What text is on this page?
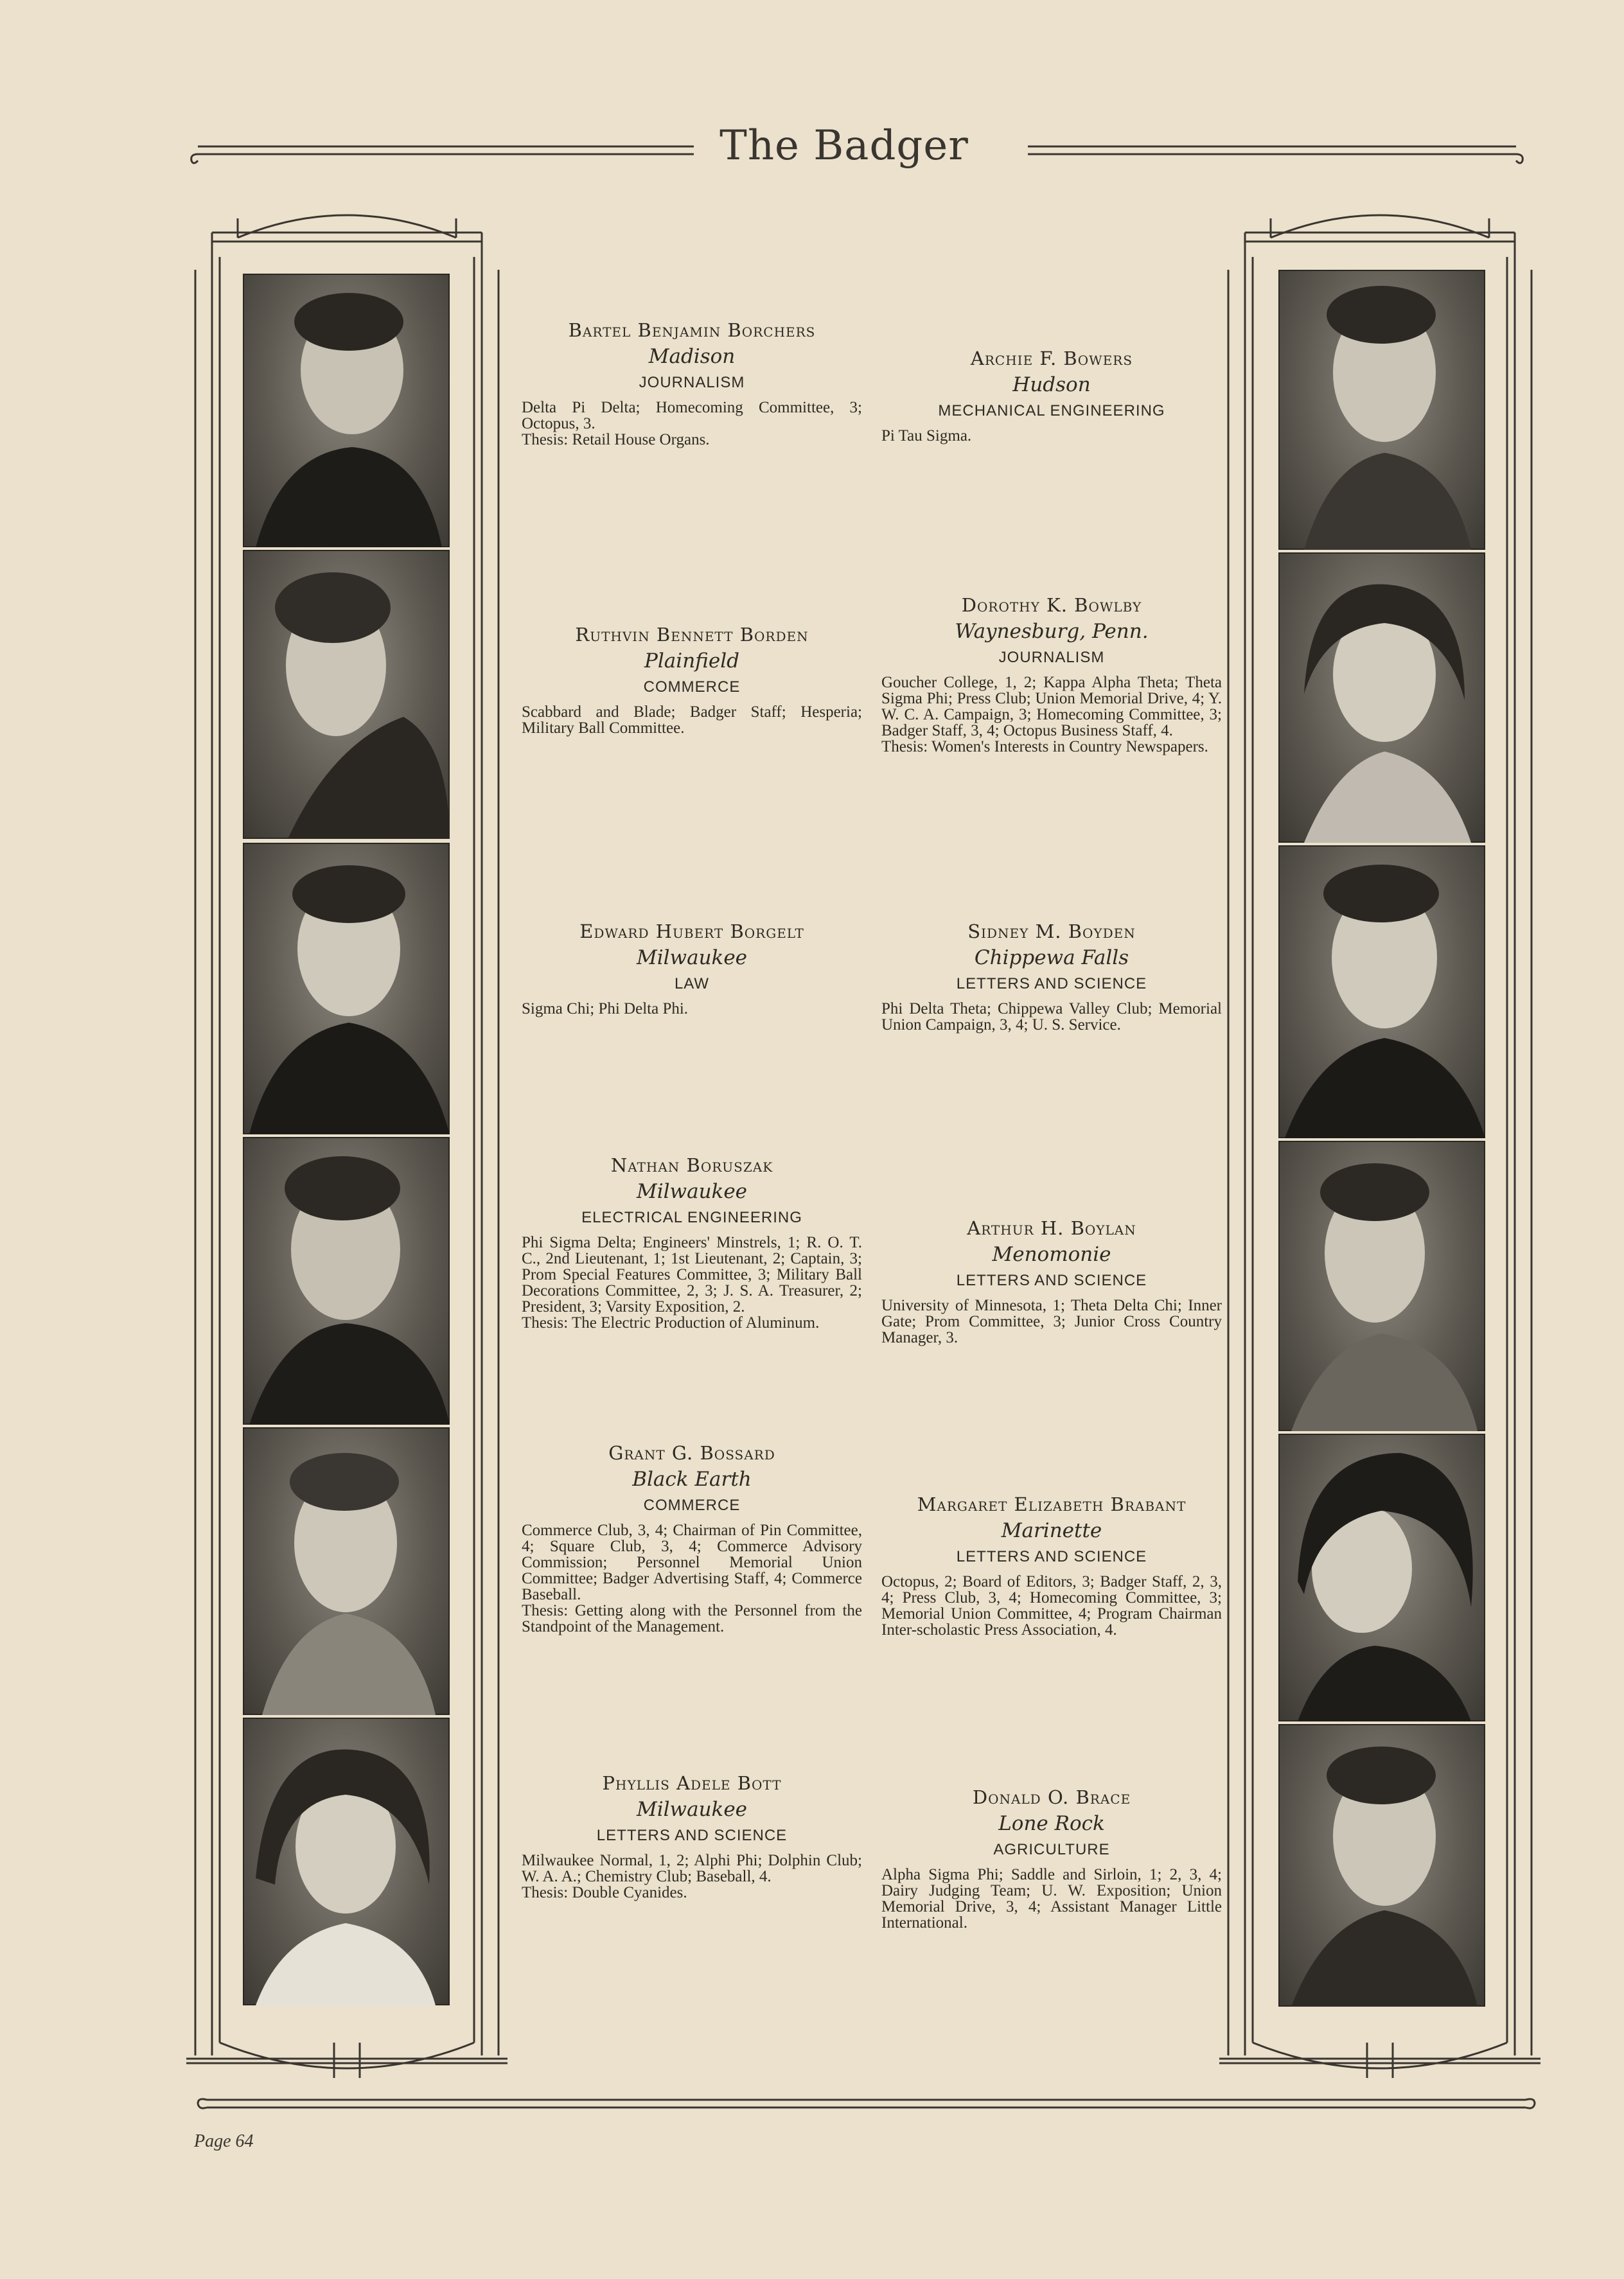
The Badger
Bartel Benjamin Borchers
Madison
JOURNALISM
Delta Pi Delta; Homecoming Committee, 3; Octopus, 3.
Thesis: Retail House Organs.
Ruthvin Bennett Borden
Plainfield
COMMERCE
Scabbard and Blade; Badger Staff; Hesperia; Military Ball Committee.
Edward Hubert Borgelt
Milwaukee
LAW
Sigma Chi; Phi Delta Phi.
Nathan Boruszak
Milwaukee
ELECTRICAL ENGINEERING
Phi Sigma Delta; Engineers' Minstrels, 1; R. O. T. C., 2nd Lieutenant, 1; 1st Lieutenant, 2; Captain, 3; Prom Special Features Committee, 3; Military Ball Decorations Committee, 2, 3; J. S. A. Treasurer, 2; President, 3; Varsity Exposition, 2.
Thesis: The Electric Production of Aluminum.
Grant G. Bossard
Black Earth
COMMERCE
Commerce Club, 3, 4; Chairman of Pin Committee, 4; Square Club, 3, 4; Commerce Advisory Commission; Personnel Memorial Union Committee; Badger Advertising Staff, 4; Commerce Baseball.
Thesis: Getting along with the Personnel from the Standpoint of the Management.
Phyllis Adele Bott
Milwaukee
LETTERS AND SCIENCE
Milwaukee Normal, 1, 2; Alphi Phi; Dolphin Club; W. A. A.; Chemistry Club; Baseball, 4.
Thesis: Double Cyanides.
Archie F. Bowers
Hudson
MECHANICAL ENGINEERING
Pi Tau Sigma.
Dorothy K. Bowlby
Waynesburg, Penn.
JOURNALISM
Goucher College, 1, 2; Kappa Alpha Theta; Theta Sigma Phi; Press Club; Union Memorial Drive, 4; Y. W. C. A. Campaign, 3; Homecoming Committee, 3; Badger Staff, 3, 4; Octopus Business Staff, 4.
Thesis: Women's Interests in Country Newspapers.
Sidney M. Boyden
Chippewa Falls
LETTERS AND SCIENCE
Phi Delta Theta; Chippewa Valley Club; Memorial Union Campaign, 3, 4; U. S. Service.
Arthur H. Boylan
Menomonie
LETTERS AND SCIENCE
University of Minnesota, 1; Theta Delta Chi; Inner Gate; Prom Committee, 3; Junior Cross Country Manager, 3.
Margaret Elizabeth Brabant
Marinette
LETTERS AND SCIENCE
Octopus, 2; Board of Editors, 3; Badger Staff, 2, 3, 4; Press Club, 3, 4; Homecoming Committee, 3; Memorial Union Committee, 4; Program Chairman Inter-scholastic Press Association, 4.
Donald O. Brace
Lone Rock
AGRICULTURE
Alpha Sigma Phi; Saddle and Sirloin, 1; 2, 3, 4; Dairy Judging Team; U. W. Exposition; Union Memorial Drive, 3, 4; Assistant Manager Little International.
Page 64
